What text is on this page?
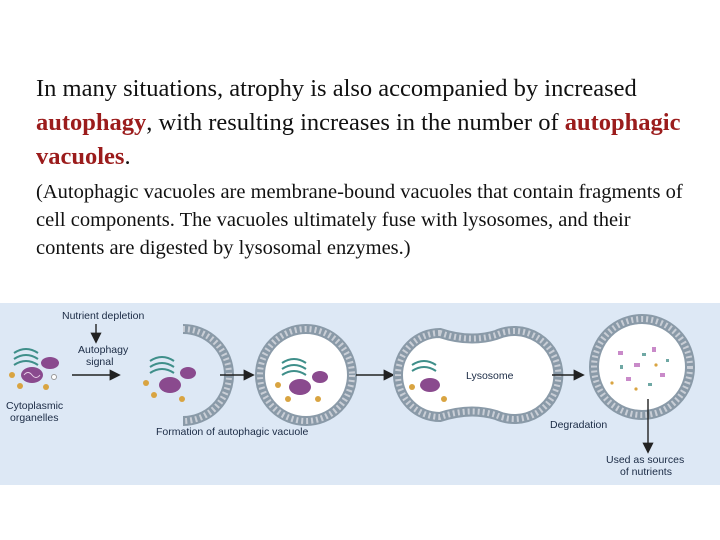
In many situations, atrophy is also accompanied by increased autophagy, with resulting increases in the number of autophagic vacuoles.

(Autophagic vacuoles are membrane-bound vacuoles that contain fragments of cell components. The vacuoles ultimately fuse with lysosomes, and their contents are digested by lysosomal enzymes.)

Cytoplasmic
organelles
Nutrient depletion
Autophagy
signal
Formation of autophagic vacuole
Lysosome
Degradation
Used as sources
of nutrients
